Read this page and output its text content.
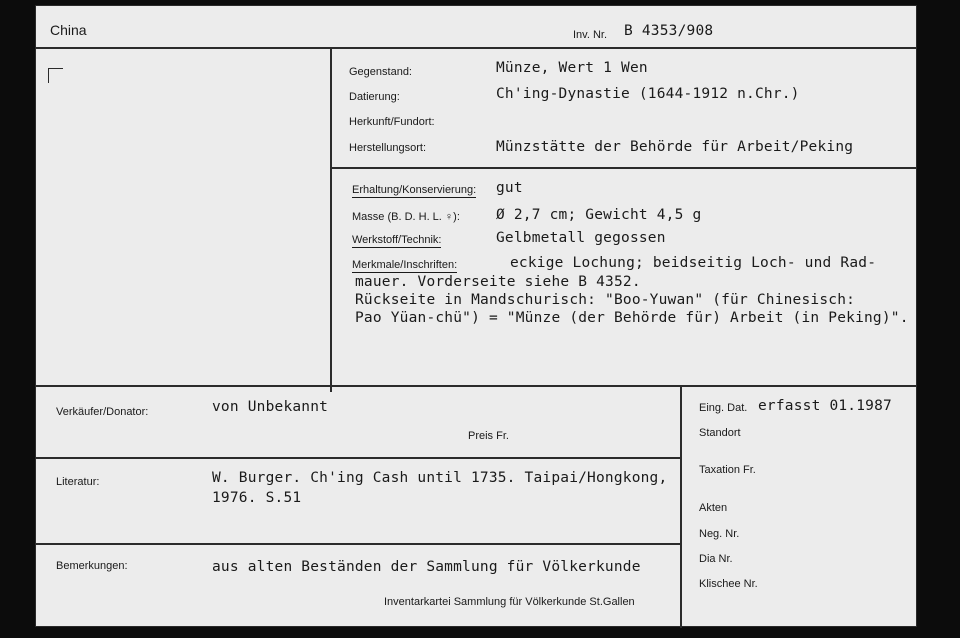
China	Inv. Nr. B 4353/908
Gegenstand:	Münze, Wert 1 Wen
Datierung:	Ch'ing-Dynastie (1644-1912 n.Chr.)
Herkunft/Fundort:
Herstellungsort:	Münzstätte der Behörde für Arbeit/Peking
Erhaltung/Konservierung: gut
Masse (B. D. H. L. ♀): Ø 2,7 cm; Gewicht 4,5 g
Werkstoff/Technik:	Gelbmetall gegossen
Merkmale/Inschriften:	eckige Lochung; beidseitig Loch- und Rad-
mauer. Vorderseite siehe B 4352.
Rückseite in Mandschurisch: "Boo-Yuwan" (für Chinesisch:
Pao Yüan-chü") = "Münze (der Behörde für) Arbeit (in Peking)".
Verkäufer/Donator:	von Unbekannt
Preis Fr.
Literatur:	W. Burger. Ch'ing Cash until 1735. Taipai/Hongkong,
1976. S.51
Bemerkungen:	aus alten Beständen der Sammlung für Völkerkunde
Inventarkartei Sammlung für Völkerkunde St.Gallen
Eing. Dat. erfasst 01.1987
Standort
Taxation Fr.
Akten
Neg. Nr.
Dia Nr.
Klischee Nr.
